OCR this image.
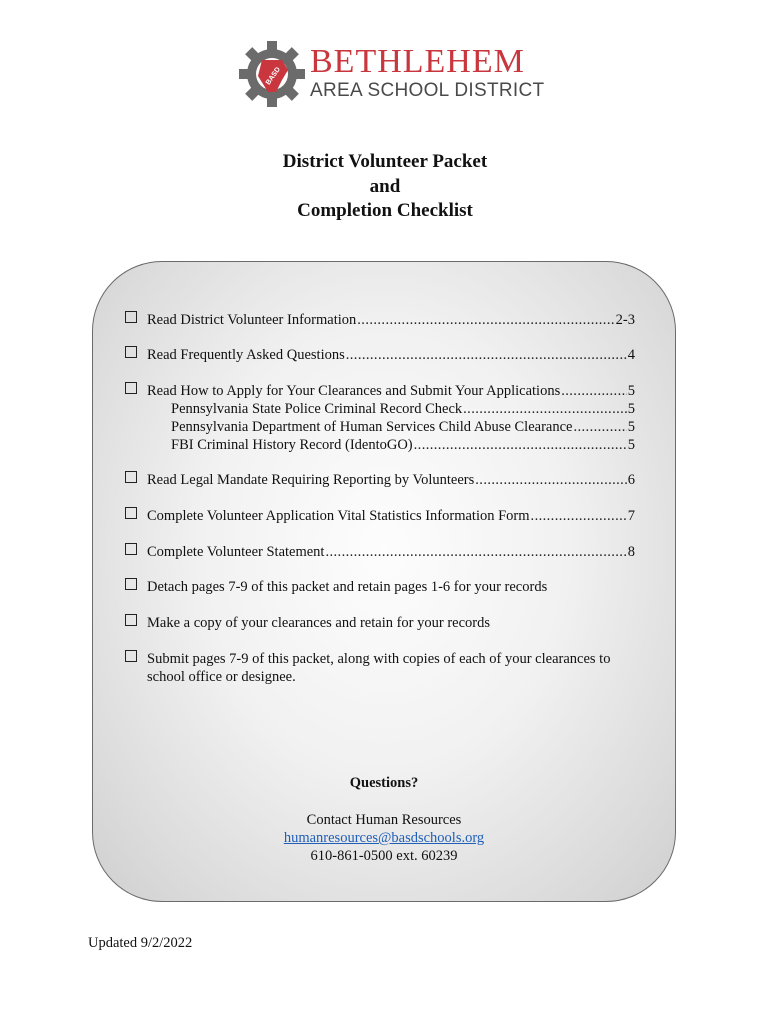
BASD BETHLEHEM
AREA SCHOOL DISTRICT
District Volunteer Packet
and
Completion Checklist
Read District Volunteer Information .....	2-3
Read Frequently Asked Questions .....	4
Read How to Apply for Your Clearances and Submit Your Applications .....	5
Pennsylvania State Police Criminal Record Check .....	5
Pennsylvania Department of Human Services Child Abuse Clearance .....	5
FBI Criminal History Record (IdentoGO) .....	5
Read Legal Mandate Requiring Reporting by Volunteers .....	6
Complete Volunteer Application Vital Statistics Information Form .....	7
Complete Volunteer Statement .....	8
Detach pages 7-9 of this packet and retain pages 1-6 for your records
Make a copy of your clearances and retain for your records
Submit pages 7-9 of this packet, along with copies of each of your clearances to school office or designee.
Questions?
Contact Human Resources
humanresources@basdschools.org
610-861-0500 ext. 60239
Updated 9/2/2022
